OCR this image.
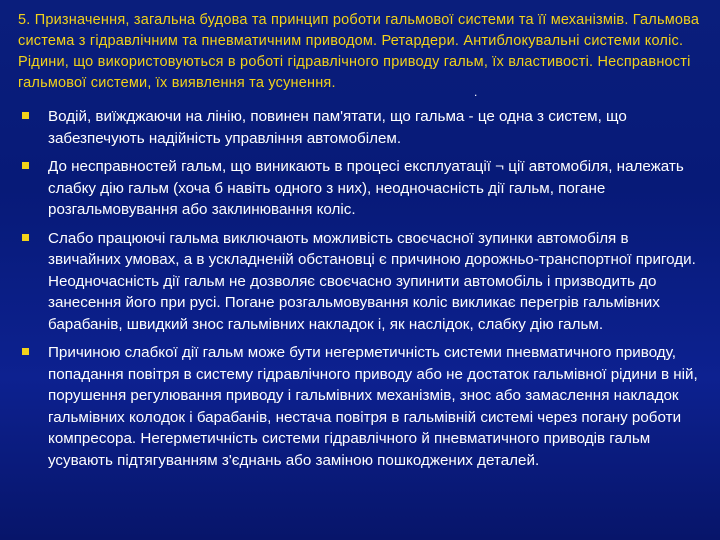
5. Призначення, загальна будова та принцип роботи гальмової системи та її механізмів. Гальмова система з гідравлічним та пневматичним приводом. Ретардери. Антиблокувальні системи коліс. Рідини, що використовуються в роботі гідравлічного приводу гальм, їх властивості. Несправності гальмової системи, їх виявлення та усунення.
.
Водій, виїжджаючи на лінію, повинен пам'ятати, що гальма - це одна з систем, що забезпечують надійність управління автомобілем.
До несправностей гальм, що виникають в процесі експлуатації ¬ ції автомобіля, належать слабку дію гальм (хоча б навіть одного з них), неодночасність дії гальм, погане розгальмовування або заклинювання коліс.
Слабо працюючі гальма виключають можливість своєчасної зупинки автомобіля в звичайних умовах, а в ускладненій обстановці є причиною дорожньо-транспортної пригоди. Неодночасність дії гальм не дозволяє своєчасно зупинити автомобіль і призводить до занесення його при русі. Погане розгальмовування коліс викликає перегрів гальмівних барабанів, швидкий знос гальмівних накладок і, як наслідок, слабку дію гальм.
Причиною слабкої дії гальм може бути негерметичність системи пневматичного приводу, попадання повітря в систему гідравлічного приводу або не достаток гальмівної рідини в ній, порушення регулювання приводу і гальмівних механізмів, знос або замаслення накладок гальмівних колодок і барабанів, нестача повітря в гальмівній системі через погану роботи компресора. Негерметичність системи гідравлічного й пневматичного приводів гальм усувають підтягуванням з'єднань або заміною пошкоджених деталей.
